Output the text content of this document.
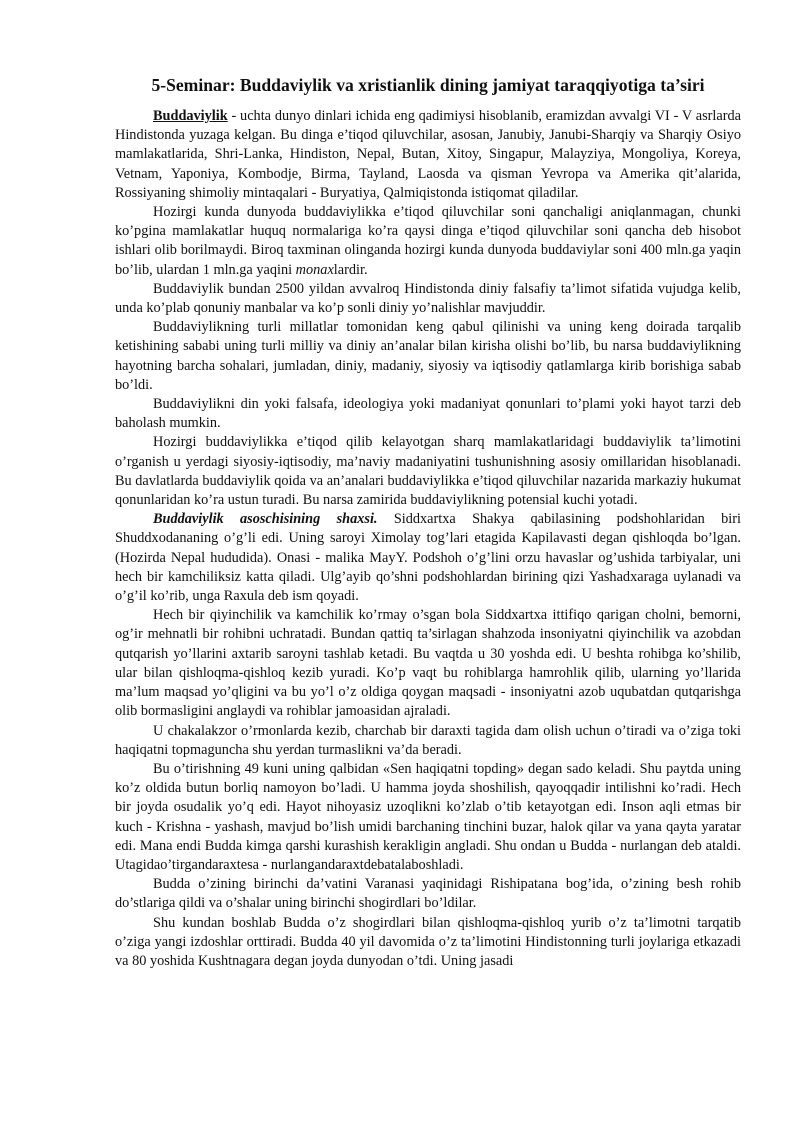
5-Seminar: Buddaviylik va xristianlik dining jamiyat taraqqiyotiga ta’siri

Buddaviylik - uchta dunyo dinlari ichida eng qadimiysi hisoblanib, eramizdan avvalgi VI - V asrlarda Hindistonda yuzaga kelgan. Bu dinga e’tiqod qiluvchilar, asosan, Janubiy, Janubi-Sharqiy va Sharqiy Osiyo mamlakatlarida, Shri-Lanka, Hindiston, Nepal, Butan, Xitoy, Singapur, Malayziya, Mongoliya, Koreya, Vetnam, Yaponiya, Kombodje, Birma, Tayland, Laosda va qisman Yevropa va Amerika qit’alarida, Rossiyaning shimoliy mintaqalari - Buryatiya, Qalmiqistonda istiqomat qiladilar.

Hozirgi kunda dunyoda buddaviylikka e’tiqod qiluvchilar soni qanchaligi aniqlanmagan, chunki ko’pgina mamlakatlar huquq normalariga ko’ra qaysi dinga e’tiqod qiluvchilar soni qancha deb hisobot ishlari olib borilmaydi. Biroq taxminan olinganda hozirgi kunda dunyoda buddaviylar soni 400 mln.ga yaqin bo’lib, ulardan 1 mln.ga yaqini monaxlardir.

Buddaviylik bundan 2500 yildan avvalroq Hindistonda diniy falsafiy ta’limot sifatida vujudga kelib, unda ko’plab qonuniy manbalar va ko’p sonli diniy yo’nalishlar mavjuddir.

Buddaviylikning turli millatlar tomonidan keng qabul qilinishi va uning keng doirada tarqalib ketishining sababi uning turli milliy va diniy an’analar bilan kirisha olishi bo’lib, bu narsa buddaviylikning hayotning barcha sohalari, jumladan, diniy, madaniy, siyosiy va iqtisodiy qatlamlarga kirib borishiga sabab bo’ldi.

Buddaviylikni din yoki falsafa, ideologiya yoki madaniyat qonunlari to’plami yoki hayot tarzi deb baholash mumkin.

Hozirgi buddaviylikka e’tiqod qilib kelayotgan sharq mamlakatlaridagi buddaviylik ta’limotini o’rganish u yerdagi siyosiy-iqtisodiy, ma’naviy madaniyatini tushunishning asosiy omillaridan hisoblanadi. Bu davlatlarda buddaviylik qoida va an’analari buddaviylikka e’tiqod qiluvchilar nazarida markaziy hukumat qonunlaridan ko’ra ustun turadi. Bu narsa zamirida buddaviylikning potensial kuchi yotadi.

Buddaviylik asoschisining shaxsi. Siddxartxa Shakya qabilasining podshohlaridan biri Shuddxodananing o’g’li edi. Uning saroyi Ximolay tog’lari etagida Kapilavasti degan qishloqda bo’lgan. (Hozirda Nepal hududida). Onasi - malika MayY. Podshoh o’g’lini orzu havaslar og’ushida tarbiyalar, uni hech bir kamchiliksiz katta qiladi. Ulg’ayib qo’shni podshohlardan birining qizi Yashadxaraga uylanadi va o’g’il ko’rib, unga Raxula deb ism qoyadi.

Hech bir qiyinchilik va kamchilik ko’rmay o’sgan bola Siddxartxa ittifiqo qarigan cholni, bemorni, og’ir mehnatli bir rohibni uchratadi. Bundan qattiq ta’sirlagan shahzoda insoniyatni qiyinchilik va azobdan qutqarish yo’llarini axtarib saroyni tashlab ketadi. Bu vaqtda u 30 yoshda edi. U beshta rohibga ko’shilib, ular bilan qishloqma-qishloq kezib yuradi. Ko’p vaqt bu rohiblarga hamrohlik qilib, ularning yo’llarida ma’lum maqsad yo’qligini va bu yo’l o’z oldiga qoygan maqsadi - insoniyatni azob uqubatdan qutqarishga olib bormasligini anglaydi va rohiblar jamoasidan ajraladi.

U chakalakzor o’rmonlarda kezib, charchab bir daraxti tagida dam olish uchun o’tiradi va o’ziga toki haqiqatni topmaguncha shu yerdan turmaslikni va’da beradi.

Bu o’tirishning 49 kuni uning qalbidan «Sen haqiqatni topding» degan sado keladi. Shu paytda uning ko’z oldida butun borliq namoyon bo’ladi. U hamma joyda shoshilish, qayoqqadir intilishni ko’radi. Hech bir joyda osudalik yo’q edi. Hayot nihoyasiz uzoqlikni ko’zlab o’tib ketayotgan edi. Inson aqli etmas bir kuch - Krishna - yashash, mavjud bo’lish umidi barchaning tinchini buzar, halok qilar va yana qayta yaratar edi. Mana endi Budda kimga qarshi kurashish kerakligin angladi. Shu ondan u Budda - nurlangan deb ataldi. Utagidao’tirgandaraxtesa - nurlangandaraxtdebatalaboshladi.

Budda o’zining birinchi da’vatini Varanasi yaqinidagi Rishipatana bog’ida, o’zining besh rohib do’stlariga qildi va o’shalar uning birinchi shogirdlari bo’ldilar.

Shu kundan boshlab Budda o’z shogirdlari bilan qishloqma-qishloq yurib o’z ta’limotni tarqatib o’ziga yangi izdoshlar orttiradi. Budda 40 yil davomida o’z ta’limotini Hindistonning turli joylariga etkazadi va 80 yoshida Kushtnagara degan joyda dunyodan o’tdi. Uning jasadi
